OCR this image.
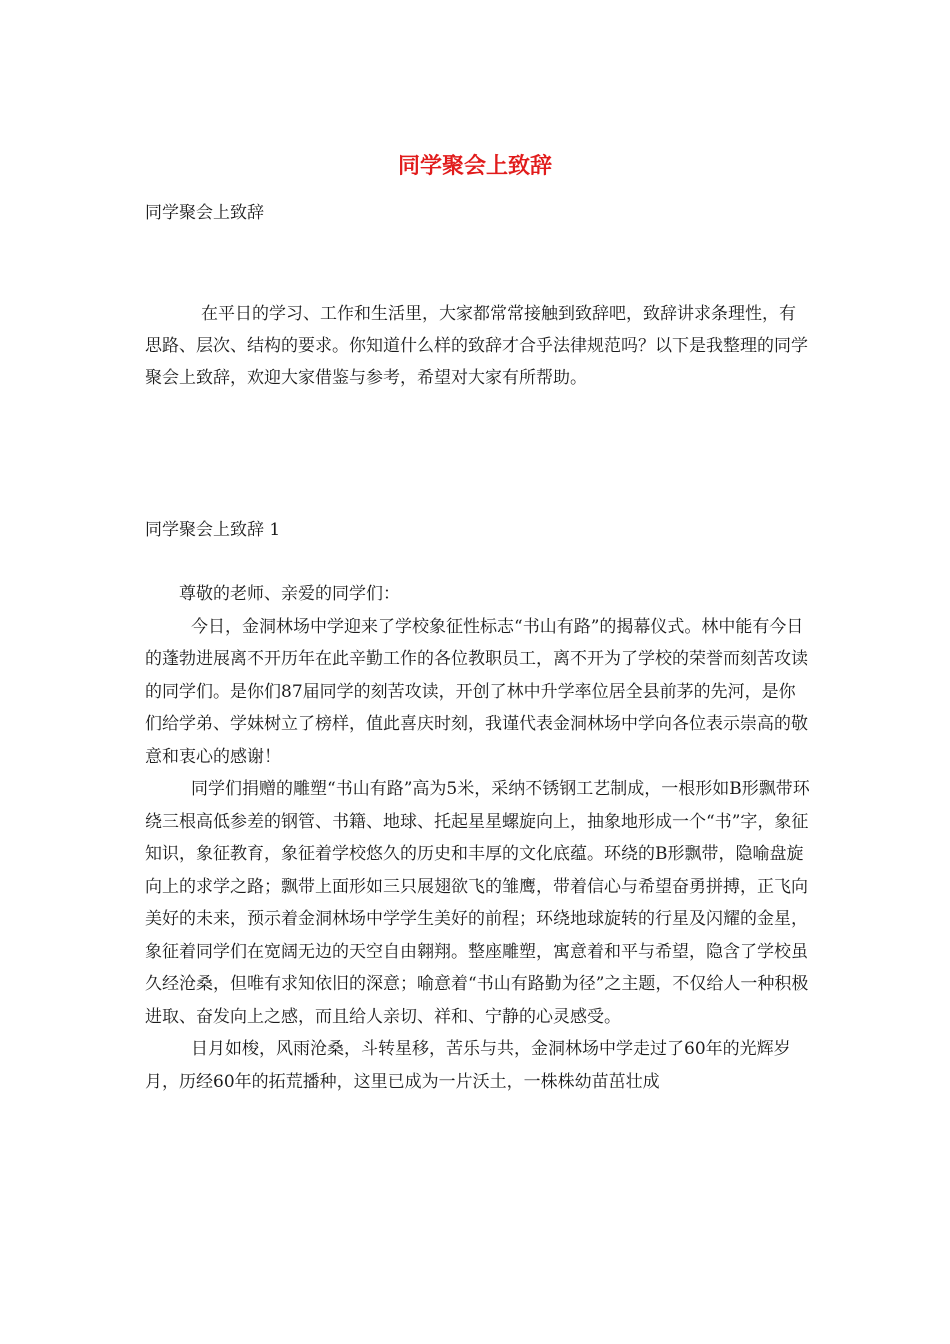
同学聚会上致辞
同学聚会上致辞

在平日的学习、工作和生活里，大家都常常接触到致辞吧，致辞讲求条理性，有思路、层次、结构的要求。你知道什么样的致辞才合乎法律规范吗？以下是我整理的同学聚会上致辞，欢迎大家借鉴与参考，希望对大家有所帮助。

同学聚会上致辞 1

尊敬的老师、亲爱的同学们：

今日，金洞林场中学迎来了学校象征性标志“书山有路”的揭幕仪式。林中能有今日的蓬勃进展离不开历年在此辛勤工作的各位教职员工，离不开为了学校的荣誉而刻苦攻读的同学们。是你们87届同学的刻苦攻读，开创了林中升学率位居全县前茅的先河，是你们给学弟、学妹树立了榜样，值此喜庆时刻，我谨代表金洞林场中学向各位表示崇高的敬意和衷心的感谢！

同学们捐赠的雕塑“书山有路”高为5米，采纳不锈钢工艺制成，一根形如B形飘带环绕三根高低参差的钢管、书籍、地球、托起星星螺旋向上，抽象地形成一个“书”字，象征知识，象征教育，象征着学校悠久的历史和丰厚的文化底蕴。环绕的B形飘带，隐喻盘旋向上的求学之路；飘带上面形如三只展翅欲飞的雏鹰，带着信心与希望奋勇拼搏，正飞向美好的未来，预示着金洞林场中学学生美好的前程；环绕地球旋转的行星及闪耀的金星，象征着同学们在宽阔无边的天空自由翱翔。整座雕塑，寓意着和平与希望，隐含了学校虽久经沧桑，但唯有求知依旧的深意；喻意着“书山有路勤为径”之主题，不仅给人一种积极进取、奋发向上之感，而且给人亲切、祥和、宁静的心灵感受。

日月如梭，风雨沧桑，斗转星移，苦乐与共，金洞林场中学走过了60年的光辉岁月，历经60年的拓荒播种，这里已成为一片沃土，一株株幼苗茁壮成
